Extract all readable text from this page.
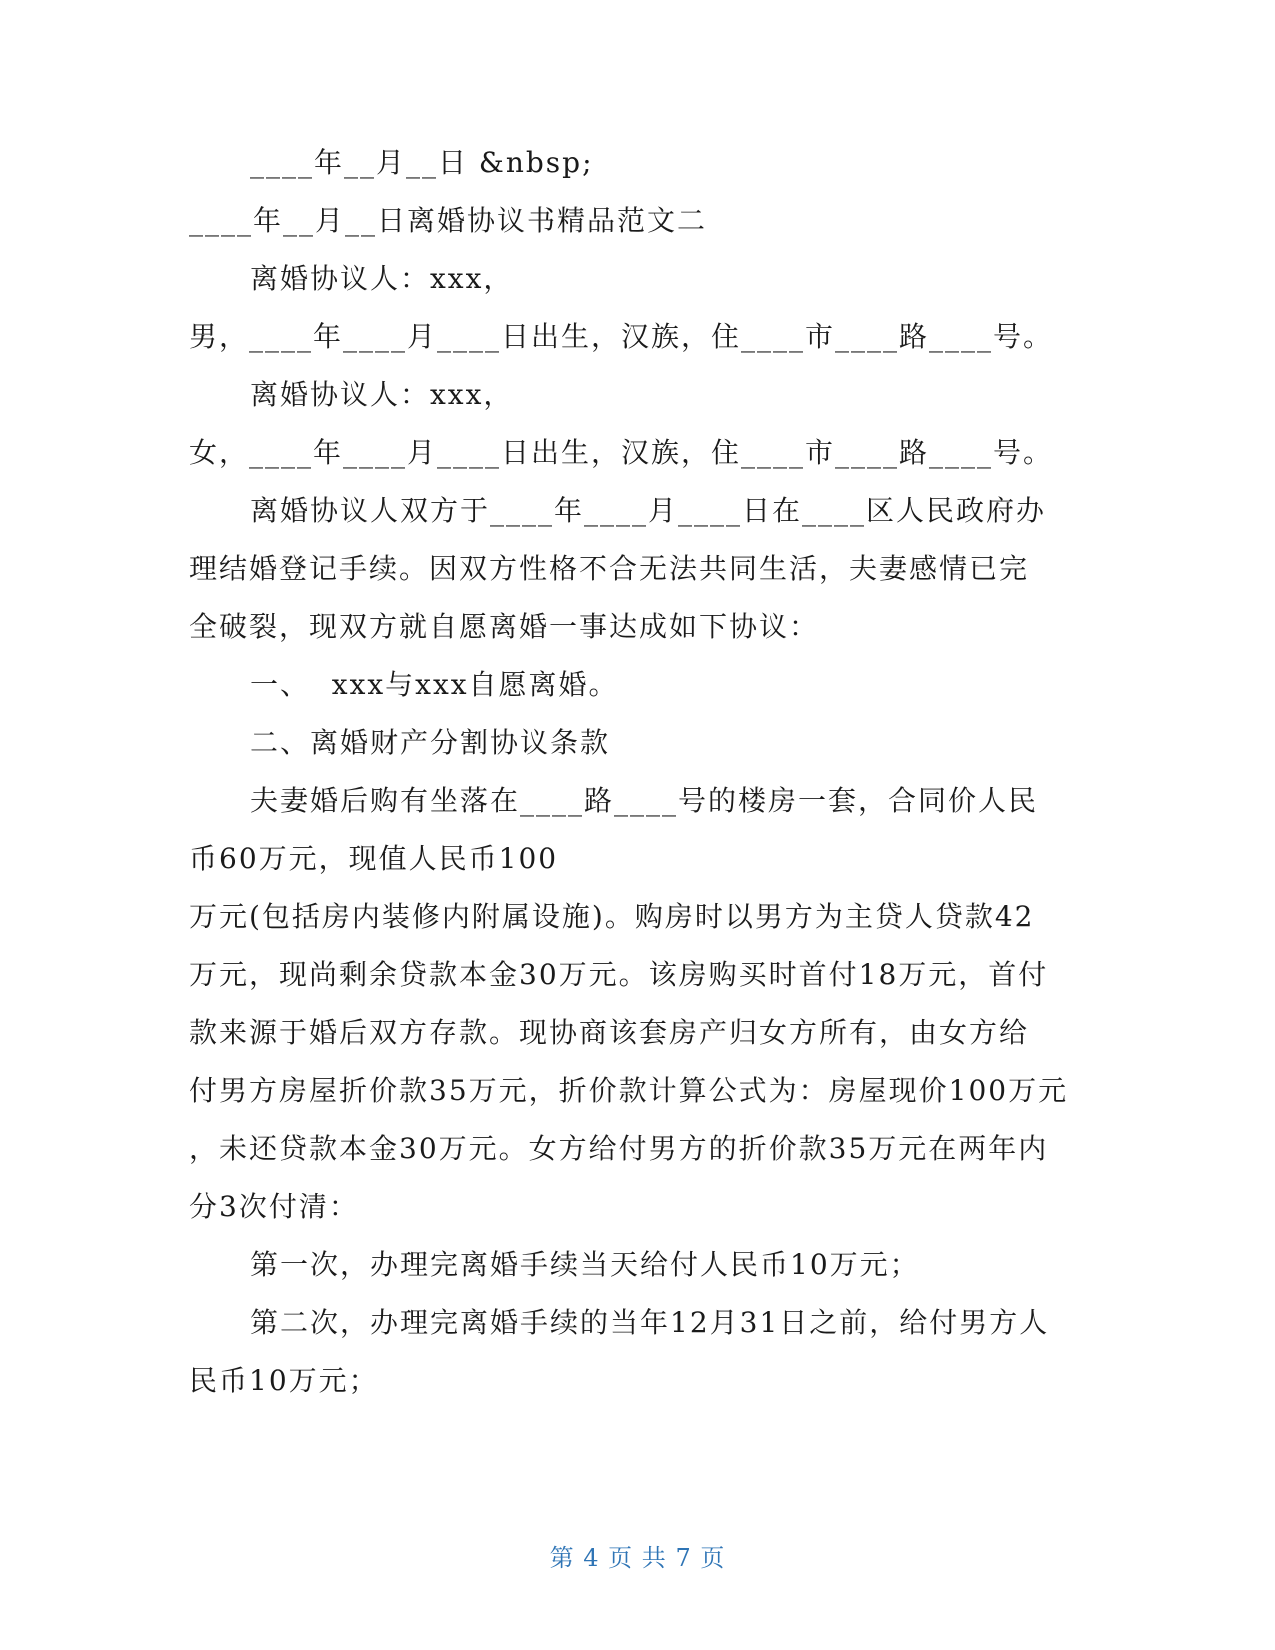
____年__月__日 &nbsp;
____年__月__日离婚协议书精品范文二
离婚协议人：xxx，
男，____年____月____日出生，汉族，住____市____路____号。
离婚协议人：xxx，
女，____年____月____日出生，汉族，住____市____路____号。
离婚协议人双方于____年____月____日在____区人民政府办
理结婚登记手续。因双方性格不合无法共同生活，夫妻感情已完
全破裂，现双方就自愿离婚一事达成如下协议：
一、  xxx与xxx自愿离婚。
二、离婚财产分割协议条款
夫妻婚后购有坐落在____路____号的楼房一套，合同价人民
币60万元，现值人民币100
万元(包括房内装修内附属设施)。购房时以男方为主贷人贷款42
万元，现尚剩余贷款本金30万元。该房购买时首付18万元，首付
款来源于婚后双方存款。现协商该套房产归女方所有，由女方给
付男方房屋折价款35万元，折价款计算公式为：房屋现价100万元
，未还贷款本金30万元。女方给付男方的折价款35万元在两年内
分3次付清：
第一次，办理完离婚手续当天给付人民币10万元；
第二次，办理完离婚手续的当年12月31日之前，给付男方人
民币10万元；
第 4 页 共 7 页
